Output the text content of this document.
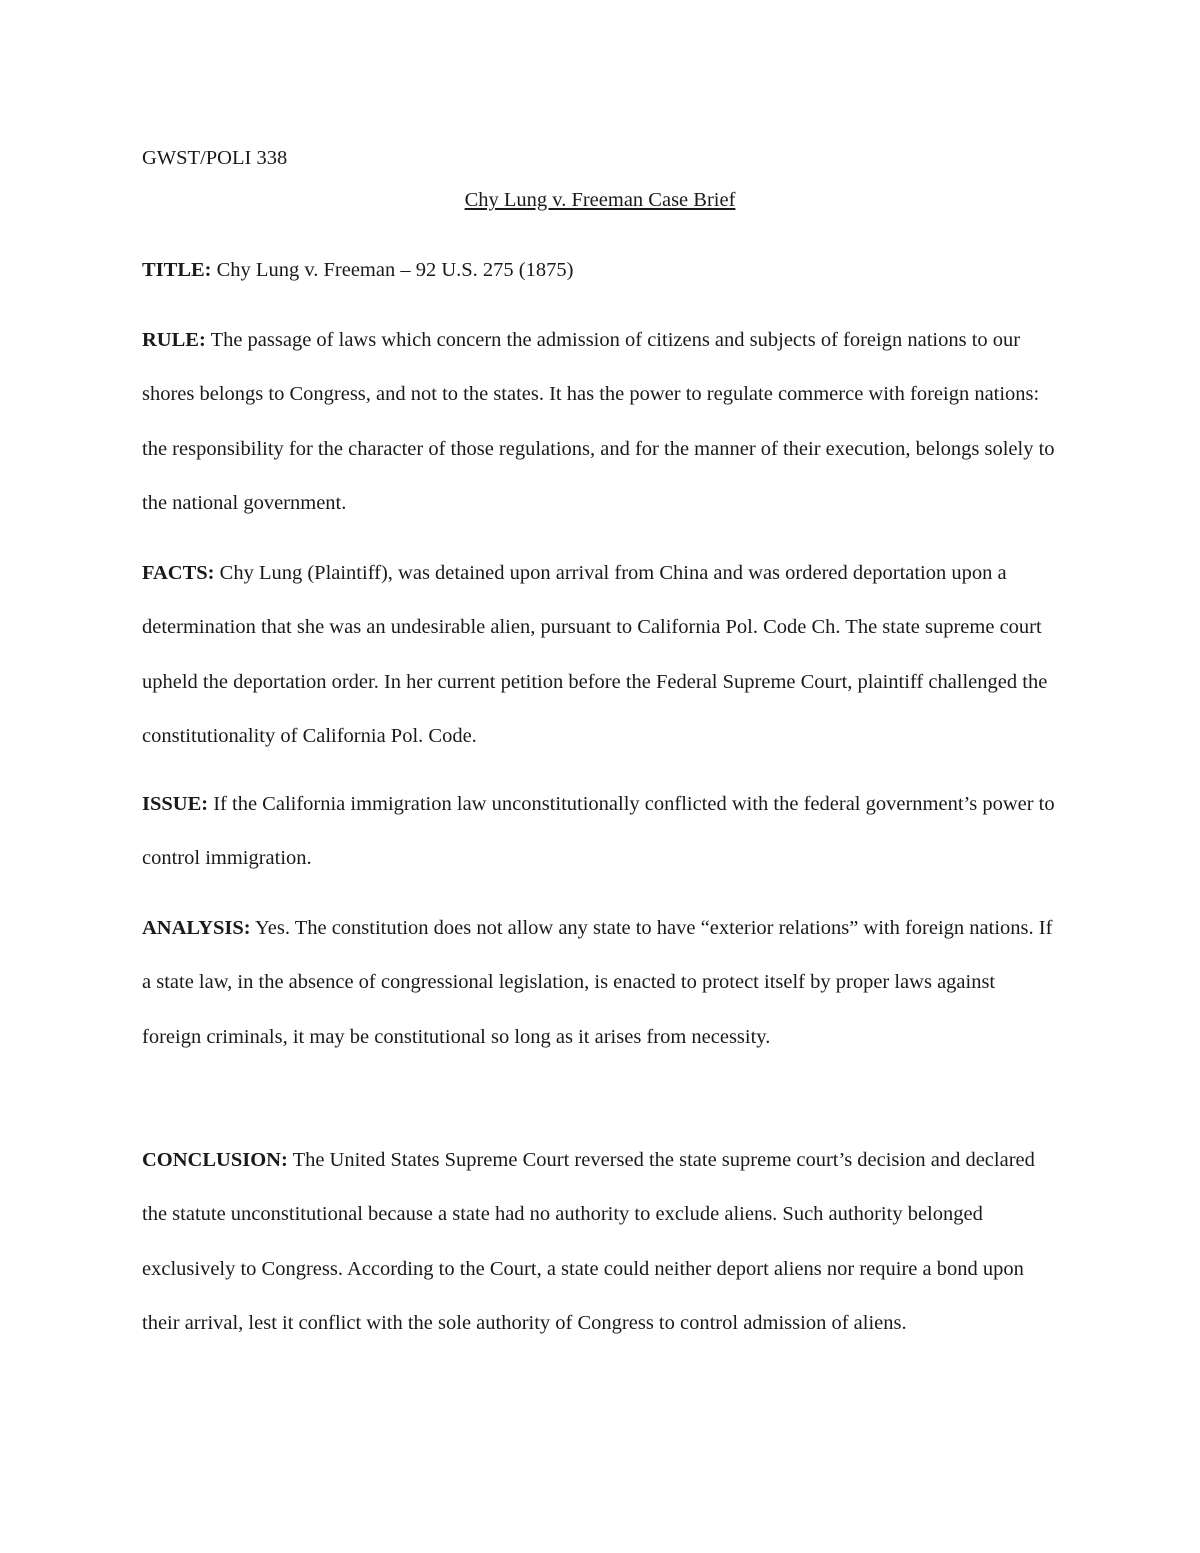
GWST/POLI 338

Chy Lung v. Freeman Case Brief

TITLE: Chy Lung v. Freeman – 92 U.S. 275 (1875)

RULE: The passage of laws which concern the admission of citizens and subjects of foreign nations to our shores belongs to Congress, and not to the states. It has the power to regulate commerce with foreign nations: the responsibility for the character of those regulations, and for the manner of their execution, belongs solely to the national government.

FACTS: Chy Lung (Plaintiff), was detained upon arrival from China and was ordered deportation upon a determination that she was an undesirable alien, pursuant to California Pol. Code Ch. The state supreme court upheld the deportation order. In her current petition before the Federal Supreme Court, plaintiff challenged the constitutionality of California Pol. Code.

ISSUE: If the California immigration law unconstitutionally conflicted with the federal government’s power to control immigration.

ANALYSIS: Yes. The constitution does not allow any state to have “exterior relations” with foreign nations. If a state law, in the absence of congressional legislation, is enacted to protect itself by proper laws against foreign criminals, it may be constitutional so long as it arises from necessity.

CONCLUSION: The United States Supreme Court reversed the state supreme court’s decision and declared the statute unconstitutional because a state had no authority to exclude aliens. Such authority belonged exclusively to Congress. According to the Court, a state could neither deport aliens nor require a bond upon their arrival, lest it conflict with the sole authority of Congress to control admission of aliens.
